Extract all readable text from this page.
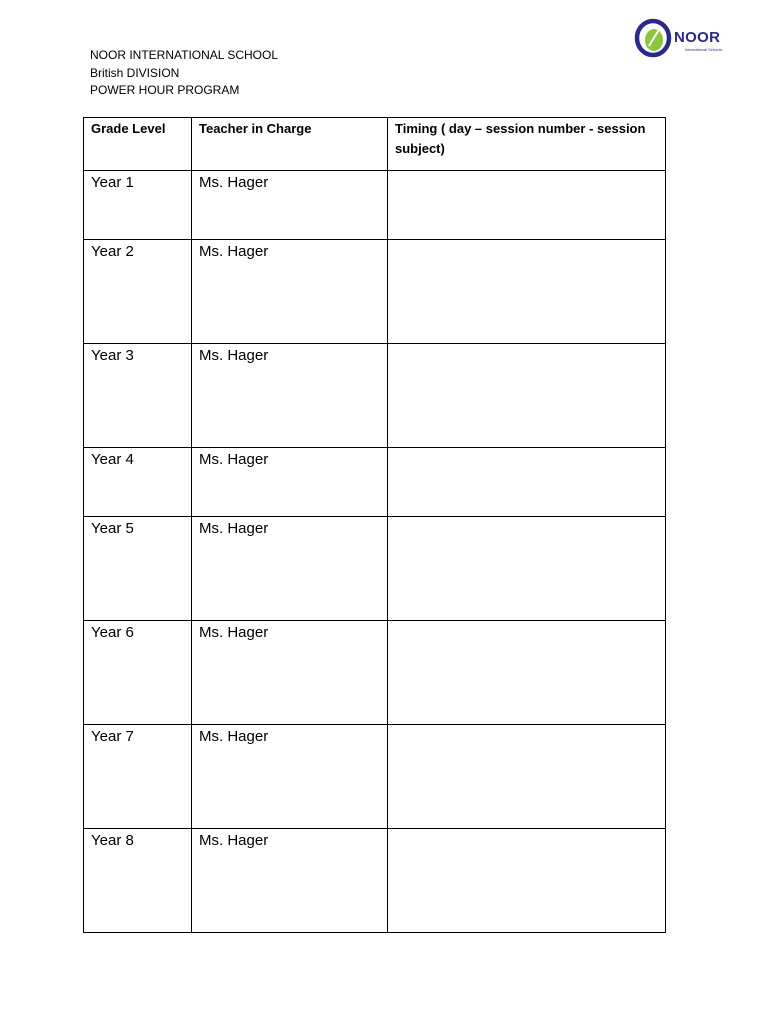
NOOR INTERNATIONAL SCHOOL
British DIVISION
POWER HOUR PROGRAM
NOOR
International Schools
Grade Level	Teacher in Charge	Timing ( day – session number - session subject)
Year 1	Ms. Hager	
Year 2	Ms. Hager	
Year 3	Ms. Hager	
Year 4	Ms. Hager	
Year 5	Ms. Hager	
Year 6	Ms. Hager	
Year 7	Ms. Hager	
Year 8	Ms. Hager	
